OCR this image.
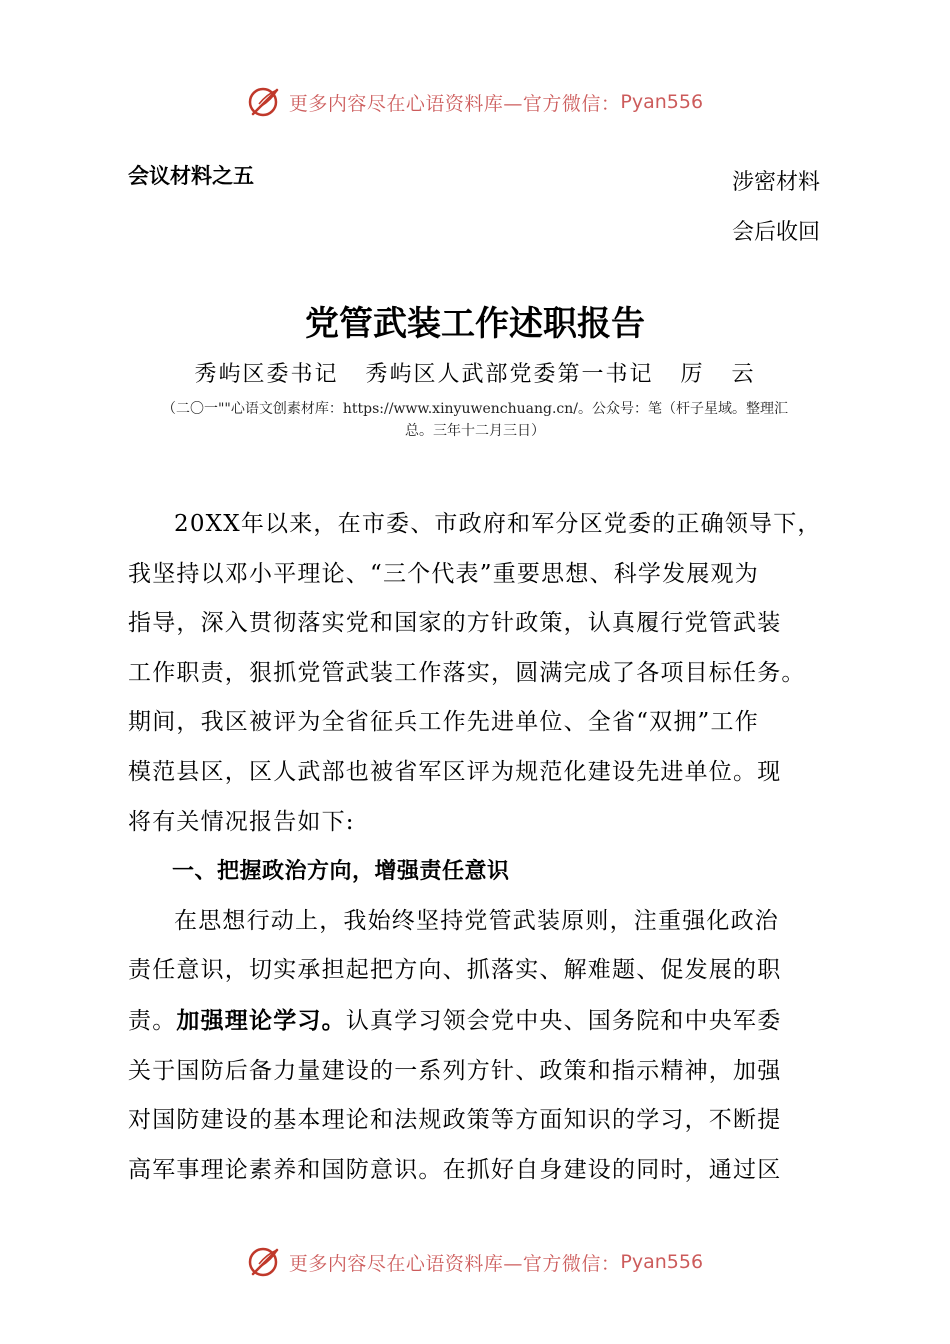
更多内容尽在心语资料库—官方微信： Pyan556
会议材料之五	涉密材料
会后收回
党管武装工作述职报告
秀屿区委书记   秀屿区人武部党委第一书记   厉   云
（二〇一""心语文创素材库：https://www.xinyuwenchuang.cn/。公众号：笔（杆子星域。整理汇
总。三年十二月三日）

20XX年以来，在市委、市政府和军分区党委的正确领导下，
我坚持以邓小平理论、“三个代表”重要思想、科学发展观为
指导，深入贯彻落实党和国家的方针政策，认真履行党管武装
工作职责，狠抓党管武装工作落实，圆满完成了各项目标任务。
期间，我区被评为全省征兵工作先进单位、全省“双拥”工作
模范县区，区人武部也被省军区评为规范化建设先进单位。现
将有关情况报告如下:

一、把握政治方向，增强责任意识

在思想行动上，我始终坚持党管武装原则，注重强化政治
责任意识，切实承担起把方向、抓落实、解难题、促发展的职
责。加强理论学习。认真学习领会党中央、国务院和中央军委
关于国防后备力量建设的一系列方针、政策和指示精神，加强
对国防建设的基本理论和法规政策等方面知识的学习，不断提
高军事理论素养和国防意识。在抓好自身建设的同时，通过区

更多内容尽在心语资料库—官方微信： Pyan556
